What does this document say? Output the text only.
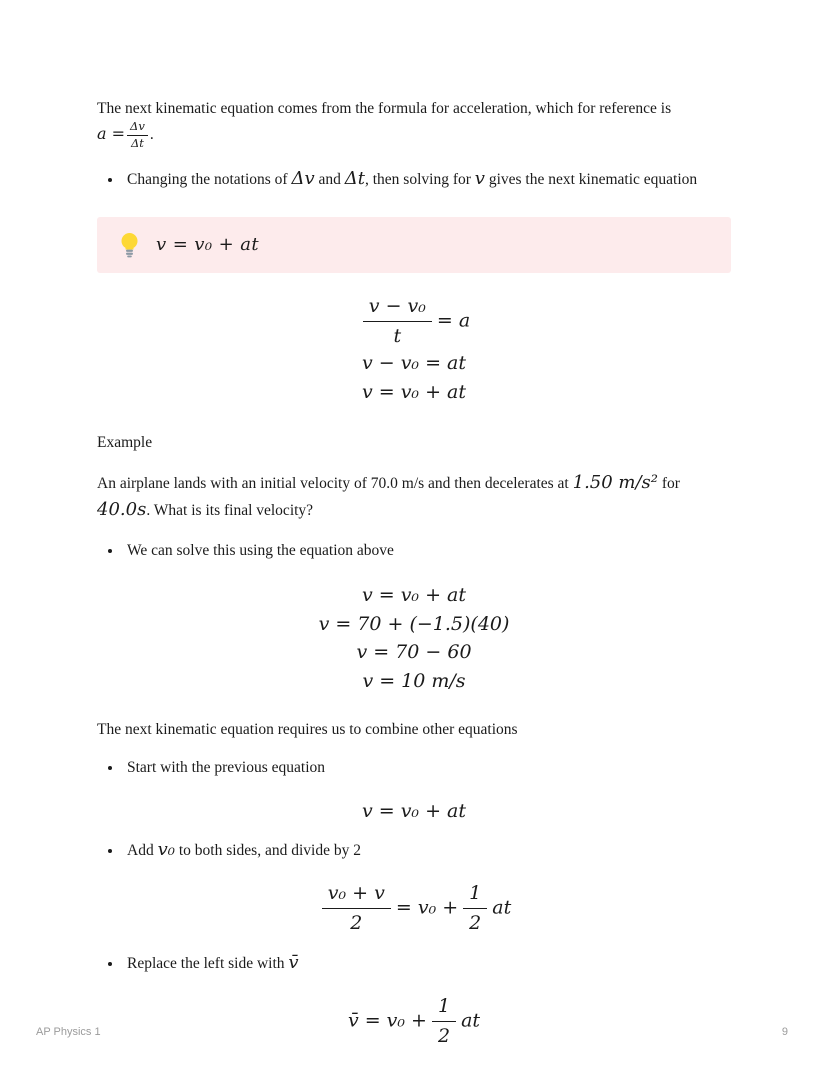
The next kinematic equation comes from the formula for acceleration, which for reference is
$a = \frac{\Delta v}{\Delta t}$ .
• Changing the notations of Δv and Δt, then solving for v gives the next kinematic equation
v = v₀ + at
$\frac{\text{v − v₀}}{t} = a$
v − v₀ = at
v = v₀ + at

Example

An airplane lands with an initial velocity of 70.0 m/s and then decelerates at 1.50 m/s² for 40.0s. What is its final velocity?

• We can solve this using the equation above
v = v₀ + at
v = 70 + (−1.5)(40)
v = 70 − 60
v = 10 m/s

The next kinematic equation requires us to combine other equations

• Start with the previous equation
v = v₀ + at
• Add v₀ to both sides, and divide by 2
$\frac{\text{v₀ + v}}{2} = v_0 + \frac{1}{2}$ at
• Replace the left side with v̄
v̄ = $v_0 + \frac{1}{2}$ at
AP Physics 1	9
